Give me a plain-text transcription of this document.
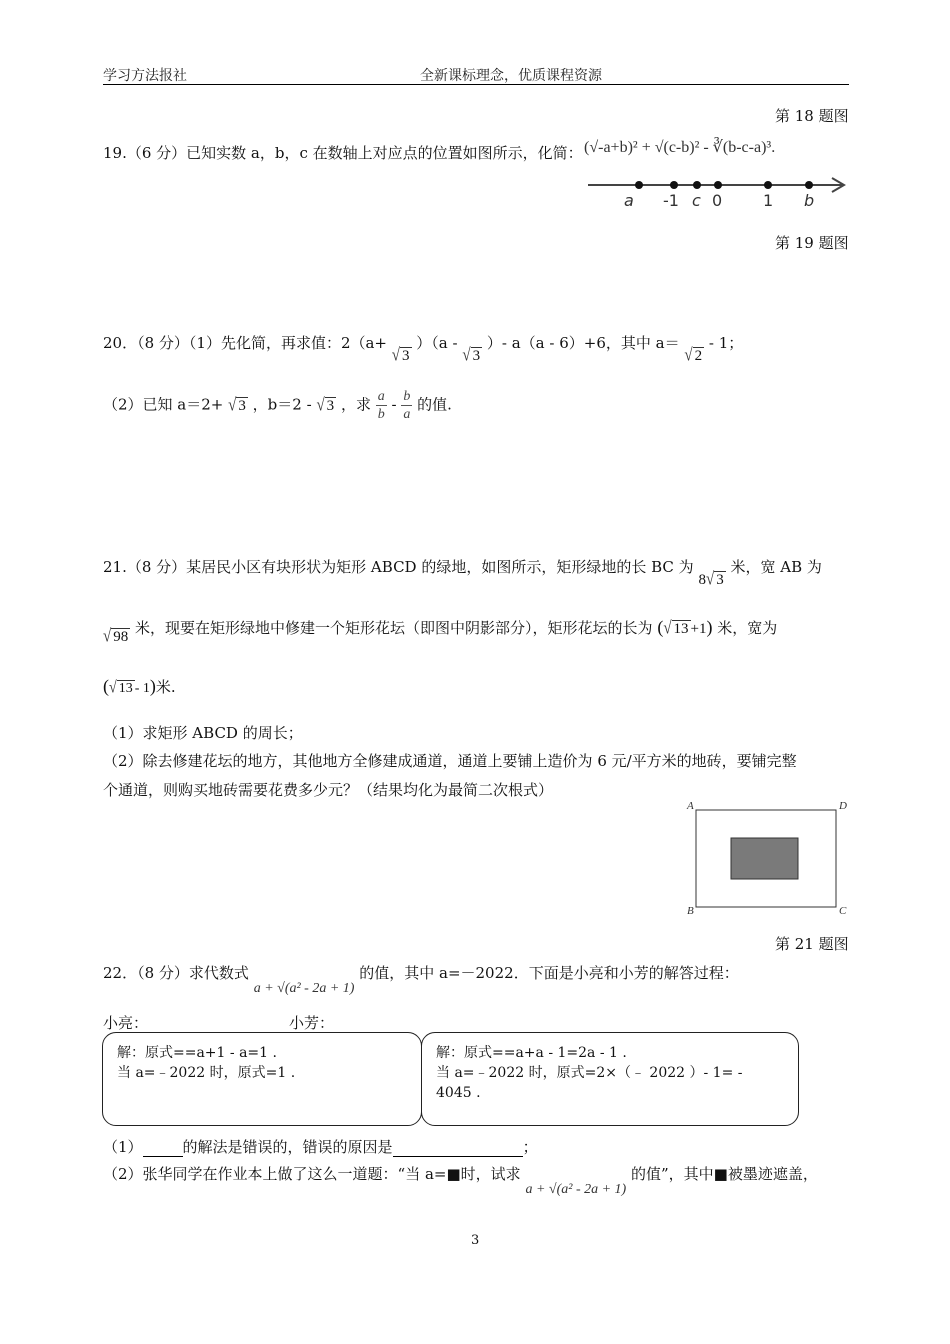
学习方法报社	全新课标理念，优质课程资源
第 18 题图
19.（6 分）已知实数 a，b，c 在数轴上对应点的位置如图所示，化简： (√-a+b)² + √(c-b)² - ∛(b-c-a)³.
a -1 c 0	1 b
第 19 题图
20．（8 分）（1）先化简，再求值：2（a+ √ 3 ）（a - √ 3 ）- a（a - 6）+6，其中 a＝ √ 2 - 1；
（2）已知 a＝2+ √ 3 ，b＝2 - √ 3 ，求 $\frac{a}{b} - \frac{b}{a}$ 的值.
21.（8 分）某居民小区有块形状为矩形 ABCD 的绿地，如图所示，矩形绿地的长 BC 为 8√ 3 米，宽 AB 为
√ 98 米，现要在矩形绿地中修建一个矩形花坛（即图中阴影部分），矩形花坛的长为 (√ 13 +1) 米，宽为
(√ 13 - 1)米.
（1）求矩形 ABCD 的周长；
（2）除去修建花坛的地方，其他地方全修建成通道，通道上要铺上造价为 6 元/平方米的地砖，要铺完整
个通道，则购买地砖需要花费多少元？（结果均化为最简二次根式）
A	D
B	C
第 21 题图
22．（8 分）求代数式 a + √(a² - 2a + 1) 的值，其中 a=－2022．下面是小亮和小芳的解答过程：
小亮：	小芳：
解：原式==a+1 - a=1 .
当 a=﹣2022 时，原式=1 .
解：原式==a+a - 1=2a - 1 .
当 a=﹣2022 时，原式=2×（﹣ 2022 ）- 1= -
4045 .
（1）	的解法是错误的，错误的原因是	；
（2）张华同学在作业本上做了这么一道题：“当 a=■时，试求 a + √(a² - 2a + 1) 的值”，其中■被墨迹遮盖，
3
